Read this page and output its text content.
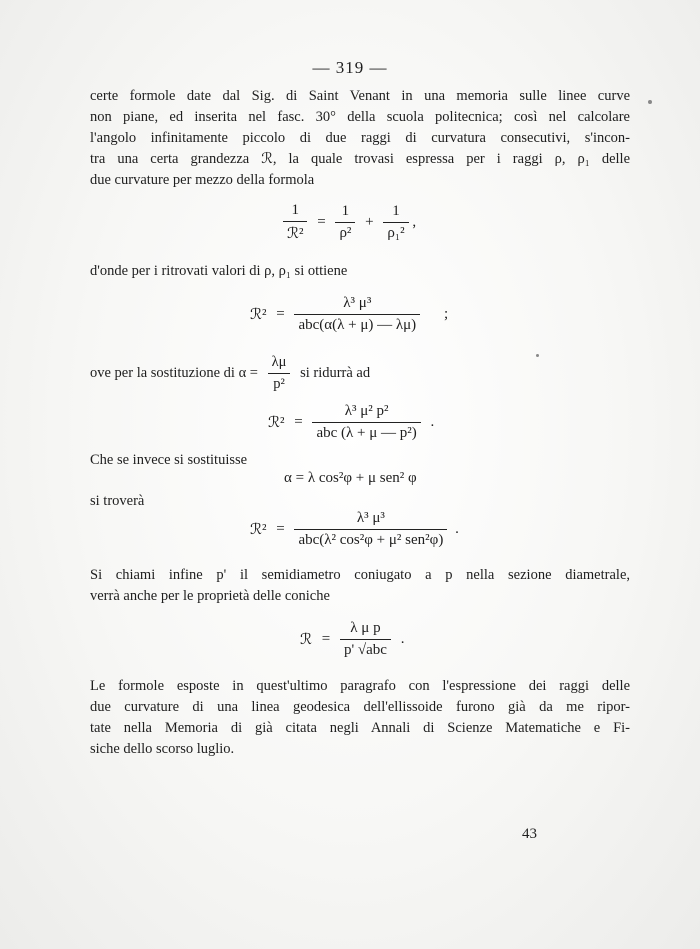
— 319 —
certe formole date dal Sig. di Saint Venant in una memoria sulle linee curve
non piane, ed inserita nel fasc. 30° della scuola politecnica; così nel calcolare
l'angolo infinitamente piccolo di due raggi di curvatura consecutivi, s'incon-
tra una certa grandezza ℛ, la quale trovasi espressa per i raggi ρ, ρ₁ delle
due curvature per mezzo della formola
$\frac{1}{\text{ℛ²}} = \frac{1}{\text{ρ²}} + \frac{1}{\text{ρ₁²}}$ ,
d'onde per i ritrovati valori di ρ, ρ₁ si ottiene
ℛ² = $\frac{\text{λ³ μ³}}{\text{abc(α(λ + μ) — λμ)}}$ ;
ove per la sostituzione di $\alpha = \frac{\lambda\mu}{\text{p²}}$ si ridurrà ad
ℛ² = $\frac{\text{λ³ μ² p²}}{\text{abc (λ + μ — p²)}}$ .
Che se invece si sostituisse
α = λ cos²φ + μ sen² φ
si troverà
ℛ² = $\frac{\text{λ³ μ³}}{\text{abc(λ² cos²φ + μ² sen²φ)}}$ .
Si chiami infine p' il semidiametro coniugato a p nella sezione diametrale,
verrà anche per le proprietà delle coniche
ℛ = $\frac{\text{λ μ p}}{\text{p' √abc}}$ .
Le formole esposte in quest'ultimo paragrafo con l'espressione dei raggi delle
due curvature di una linea geodesica dell'ellissoide furono già da me ripor-
tate nella Memoria di già citata negli Annali di Scienze Matematiche e Fi-
siche dello scorso luglio.
43
